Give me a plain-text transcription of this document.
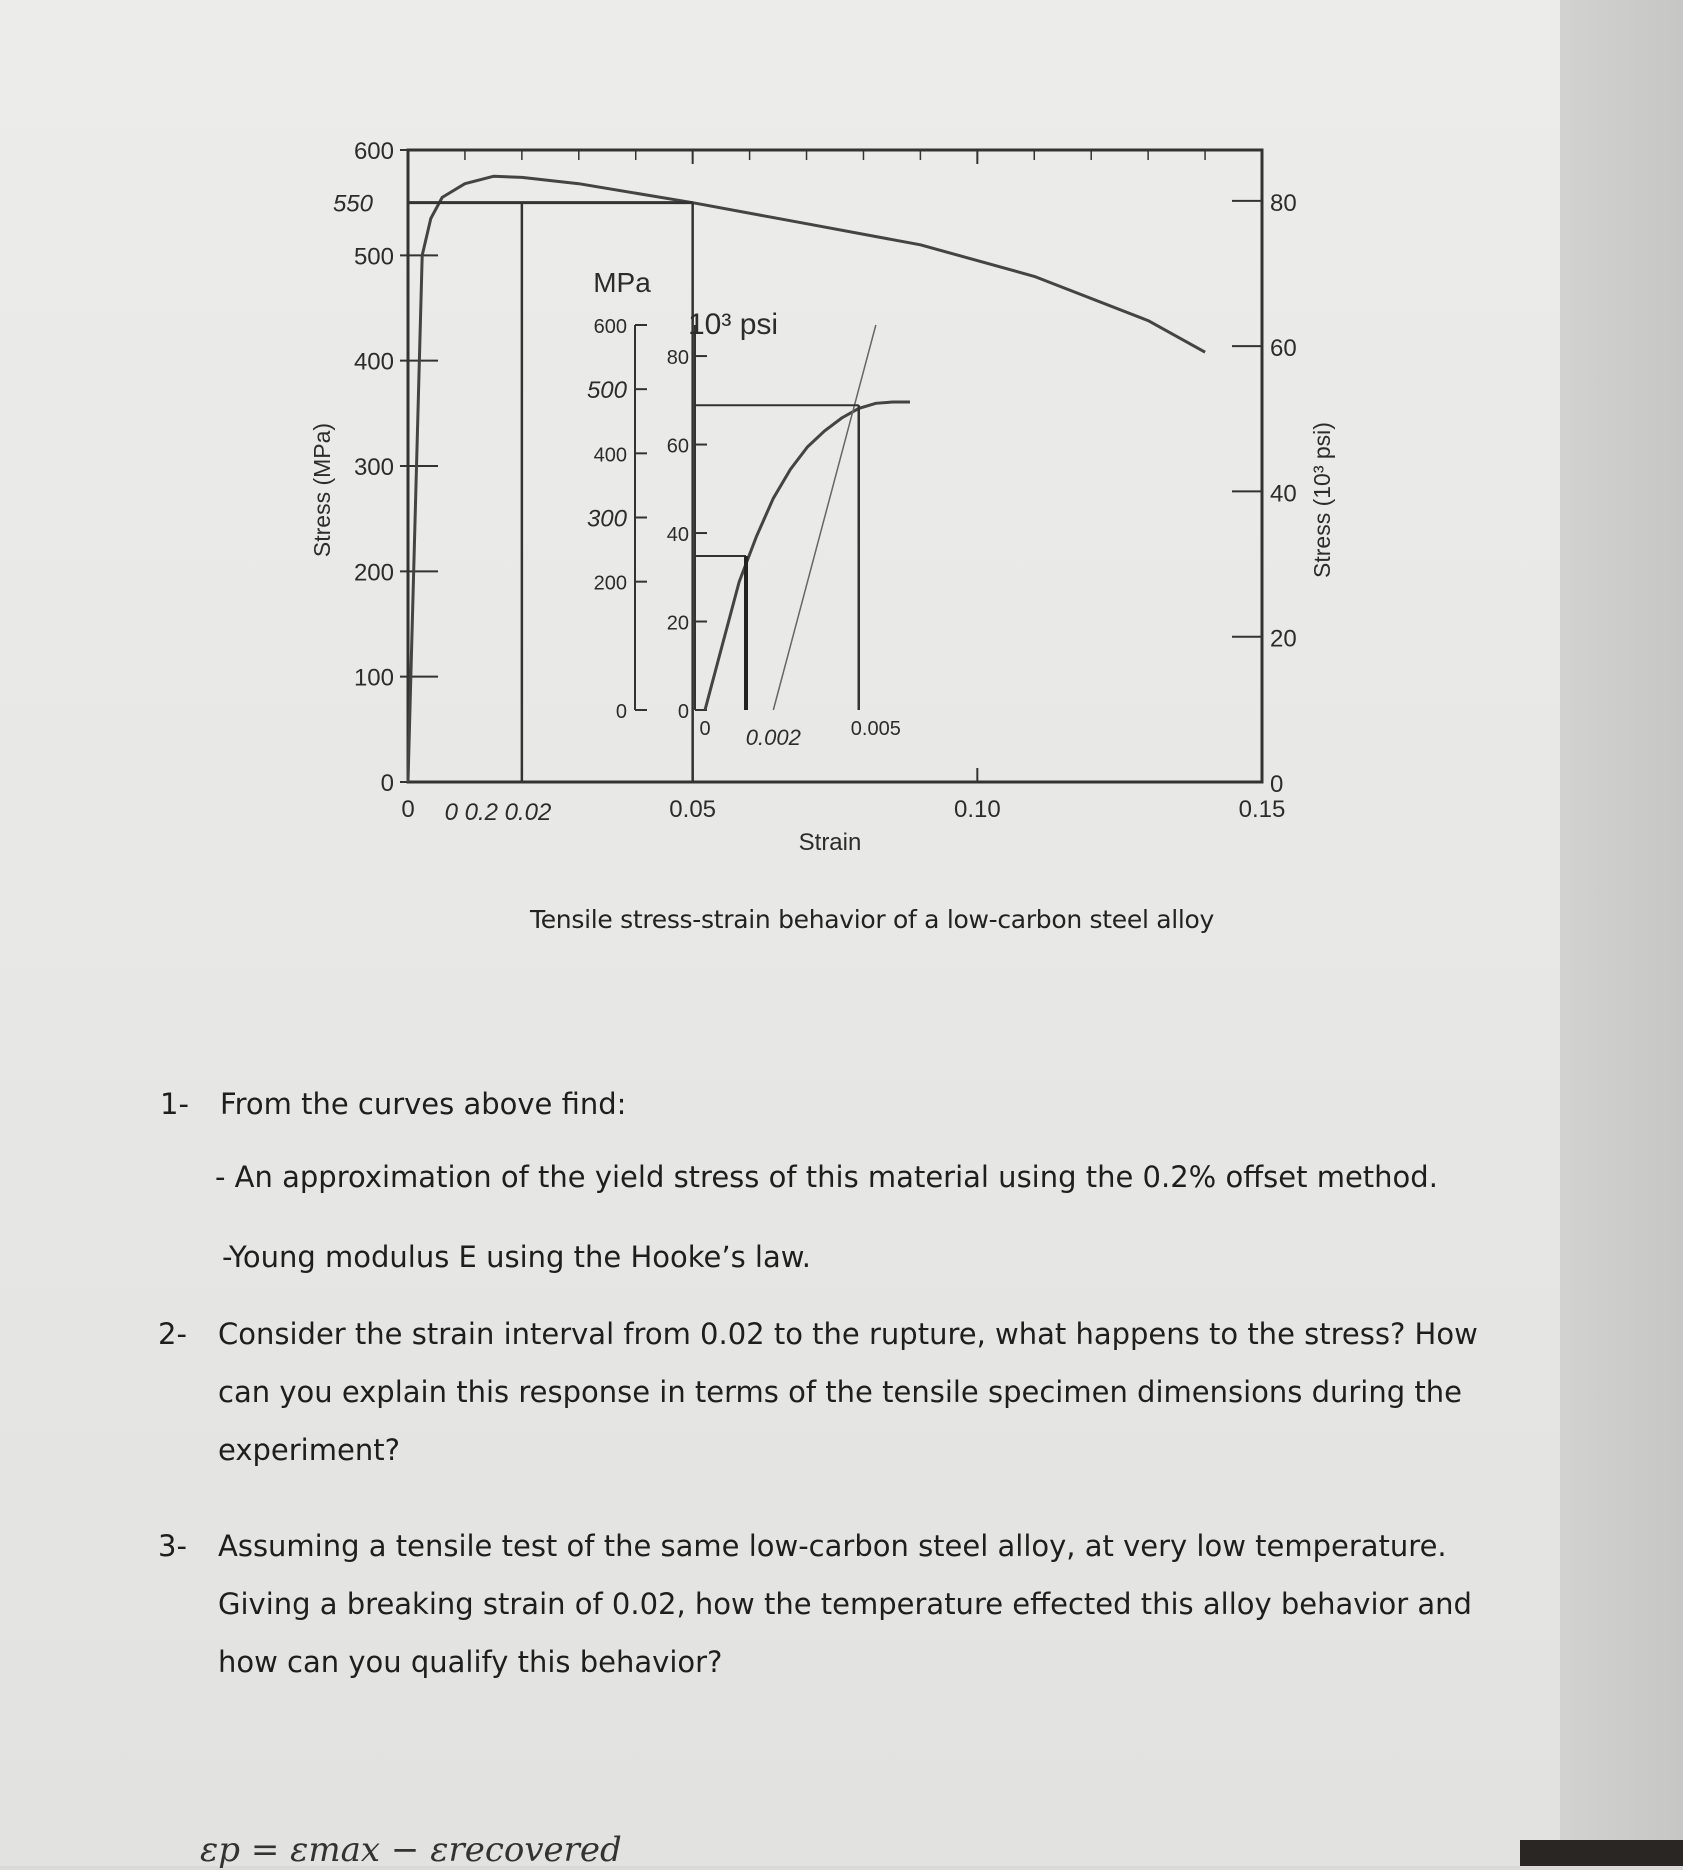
0
100
200
300
400
500
600
0
20
40
60
80
0	0.05	0.10	0.15
550
0 0.2 0.02
0
200
400
600
300
500
0
20
40
60
80
0	0.005
0.002
Stress (MPa)	Stress (10³ psi)
Strain
MPa
10³ psi
Tensile stress-strain behavior of a low-carbon steel alloy
1- From the curves above find:
- An approximation of the yield stress of this material using the 0.2% offset method.
-Young modulus E using the Hooke’s law.
2- Consider the strain interval from 0.02 to the rupture, what happens to the stress? How
can you explain this response in terms of the tensile specimen dimensions during the
experiment?
3- Assuming a tensile test of the same low-carbon steel alloy, at very low temperature.
Giving a breaking strain of 0.02, how the temperature effected this alloy behavior and
how can you qualify this behavior?
εp = εmax − εrecovered
